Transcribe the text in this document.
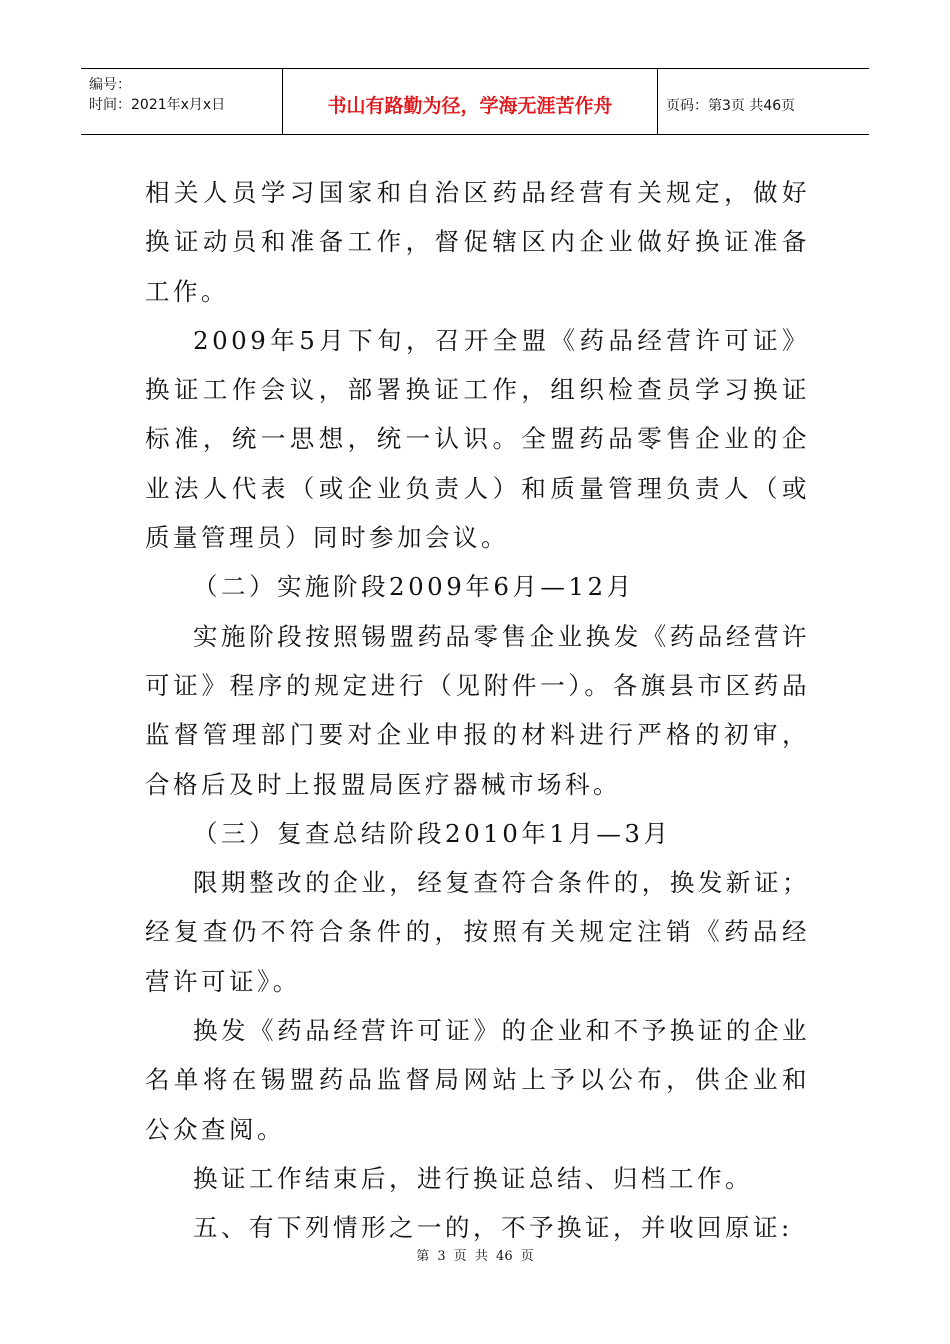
编号：
时间：2021年x月x日	书山有路勤为径，学海无涯苦作舟	页码：第3页 共46页

相关人员学习国家和自治区药品经营有关规定，做好换证动员和准备工作，督促辖区内企业做好换证准备工作。

2009年5月下旬，召开全盟《药品经营许可证》换证工作会议，部署换证工作，组织检查员学习换证标准，统一思想，统一认识。全盟药品零售企业的企业法人代表（或企业负责人）和质量管理负责人（或质量管理员）同时参加会议。

（二）实施阶段2009年6月—12月

实施阶段按照锡盟药品零售企业换发《药品经营许可证》程序的规定进行（见附件一）。各旗县市区药品监督管理部门要对企业申报的材料进行严格的初审，合格后及时上报盟局医疗器械市场科。

（三）复查总结阶段2010年1月—3月

限期整改的企业，经复查符合条件的，换发新证；经复查仍不符合条件的，按照有关规定注销《药品经营许可证》。

换发《药品经营许可证》的企业和不予换证的企业名单将在锡盟药品监督局网站上予以公布，供企业和公众查阅。

换证工作结束后，进行换证总结、归档工作。

五、有下列情形之一的，不予换证，并收回原证:

第 3 页 共 46 页
